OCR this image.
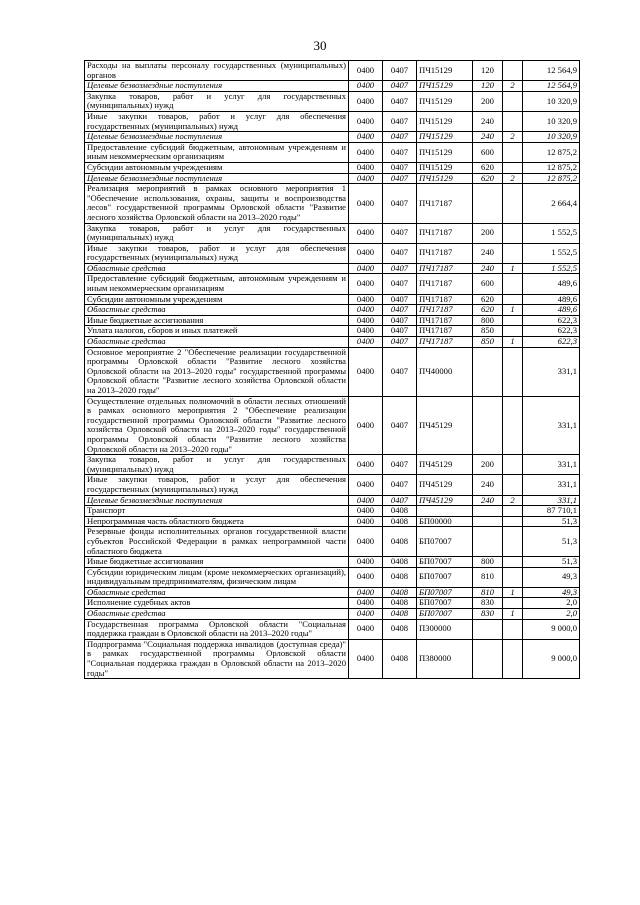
30
Расходы на выплаты персоналу государственных (муниципальных) органов	0400	0407	ПЧ15129	120		12 564,9
Целевые безвозмездные поступления	0400	0407	ПЧ15129	120	2	12 564,9
Закупка товаров, работ и услуг для государственных (муниципальных) нужд	0400	0407	ПЧ15129	200		10 320,9
Иные закупки товаров, работ и услуг для обеспечения государственных (муниципальных) нужд	0400	0407	ПЧ15129	240		10 320,9
Целевые безвозмездные поступления	0400	0407	ПЧ15129	240	2	10 320,9
Предоставление субсидий бюджетным, автономным учреждениям и иным некоммерческим организациям	0400	0407	ПЧ15129	600		12 875,2
Субсидии автономным учреждениям	0400	0407	ПЧ15129	620		12 875,2
Целевые безвозмездные поступления	0400	0407	ПЧ15129	620	2	12 875,2
Реализация мероприятий в рамках основного мероприятия 1 "Обеспечение использования, охраны, защиты и воспроизводства лесов" государственной программы Орловской области "Развитие лесного хозяйства Орловской области на 2013–2020 годы"	0400	0407	ПЧ17187			2 664,4
Закупка товаров, работ и услуг для государственных (муниципальных) нужд	0400	0407	ПЧ17187	200		1 552,5
Иные закупки товаров, работ и услуг для обеспечения государственных (муниципальных) нужд	0400	0407	ПЧ17187	240		1 552,5
Областные средства	0400	0407	ПЧ17187	240	1	1 552,5
Предоставление субсидий бюджетным, автономным учреждениям и иным некоммерческим организациям	0400	0407	ПЧ17187	600		489,6
Субсидии автономным учреждениям	0400	0407	ПЧ17187	620		489,6
Областные средства	0400	0407	ПЧ17187	620	1	489,6
Иные бюджетные ассигнования	0400	0407	ПЧ17187	800		622,3
Уплата налогов, сборов и иных платежей	0400	0407	ПЧ17187	850		622,3
Областные средства	0400	0407	ПЧ17187	850	1	622,3
Основное мероприятие 2 "Обеспечение реализации государственной программы Орловской области "Развитие лесного хозяйства Орловской области на 2013–2020 годы" государственной программы Орловской области "Развитие лесного хозяйства Орловской области на 2013–2020 годы"	0400	0407	ПЧ40000			331,1
Осуществление отдельных полномочий в области лесных отношений в рамках основного мероприятия 2 "Обеспечение реализации государственной программы Орловской области "Развитие лесного хозяйства Орловской области на 2013–2020 годы" государственной программы Орловской области "Развитие лесного хозяйства Орловской области на 2013–2020 годы"	0400	0407	ПЧ45129			331,1
Закупка товаров, работ и услуг для государственных (муниципальных) нужд	0400	0407	ПЧ45129	200		331,1
Иные закупки товаров, работ и услуг для обеспечения государственных (муниципальных) нужд	0400	0407	ПЧ45129	240		331,1
Целевые безвозмездные поступления	0400	0407	ПЧ45129	240	2	331,1
Транспорт	0400	0408				87 710,1
Непрограммная часть областного бюджета	0400	0408	БП00000			51,3
Резервные фонды исполнительных органов государственной власти субъектов Российской Федерации в рамках непрограммной части областного бюджета	0400	0408	БП07007			51,3
Иные бюджетные ассигнования	0400	0408	БП07007	800		51,3
Субсидии юридическим лицам (кроме некоммерческих организаций), индивидуальным предпринимателям, физическим лицам	0400	0408	БП07007	810		49,3
Областные средства	0400	0408	БП07007	810	1	49,3
Исполнение судебных актов	0400	0408	БП07007	830		2,0
Областные средства	0400	0408	БП07007	830	1	2,0
Государственная программа Орловской области "Социальная поддержка граждан в Орловской области на 2013–2020 годы"	0400	0408	П300000			9 000,0
Подпрограмма "Социальная поддержка инвалидов (доступная среда)" в рамках государственной программы Орловской области "Социальная поддержка граждан в Орловской области на 2013–2020 годы"	0400	0408	П380000			9 000,0
